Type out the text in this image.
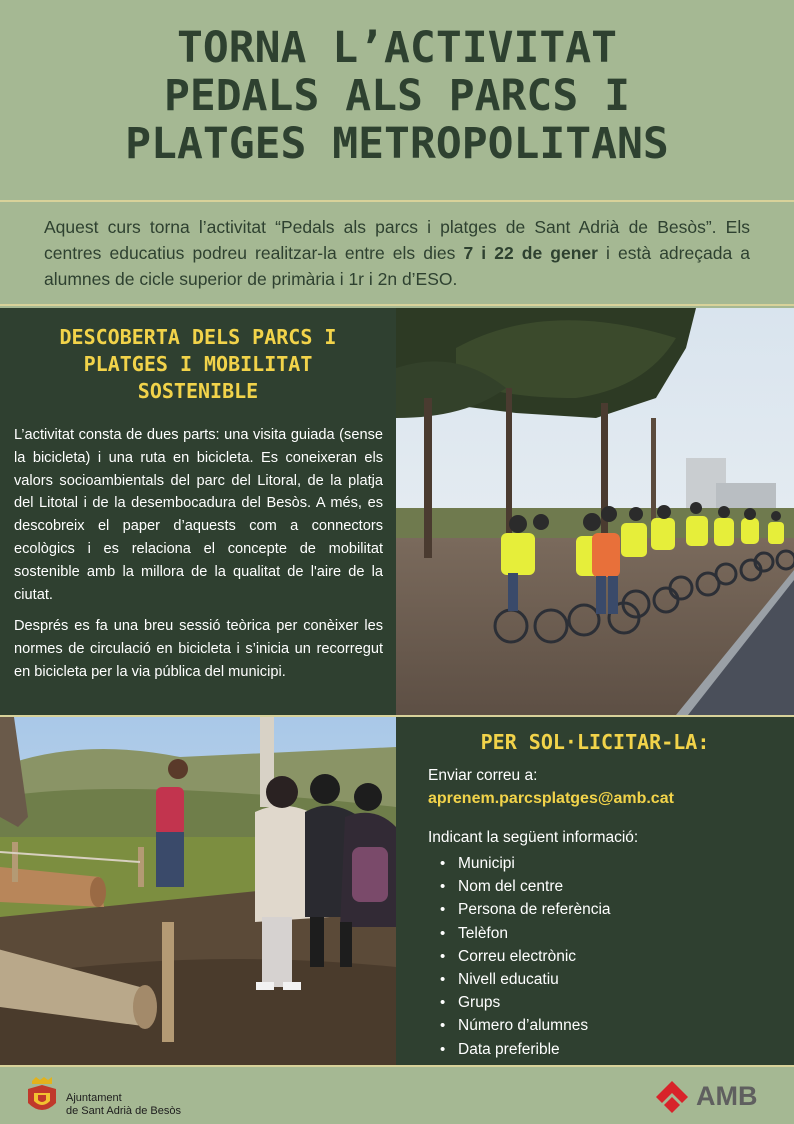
TORNA L’ACTIVITAT
PEDALS ALS PARCS I
PLATGES METROPOLITANS
Aquest curs torna l’activitat “Pedals als parcs i platges de Sant Adrià de Besòs”. Els centres educatius podreu realitzar-la entre els dies 7 i 22 de gener i està adreçada a alumnes de cicle superior de primària i 1r i 2n d’ESO.
DESCOBERTA DELS PARCS I
PLATGES I MOBILITAT
SOSTENIBLE

L’activitat consta de dues parts: una visita guiada (sense la bicicleta) i una ruta en bicicleta. Es coneixeran els valors socioambientals del parc del Litoral, de la platja del Litotal i de la desembocadura del Besòs. A més, es descobreix el paper d’aquests com a connectors ecològics i es relaciona el concepte de mobilitat sostenible amb la millora de la qualitat de l'aire de la ciutat.

Després es fa una breu sessió teòrica per conèixer les normes de circulació en bicicleta i s’inicia un recorregut en bicicleta per la via pública del municipi.

PER SOL·LICITAR-LA:
Enviar correu a:
aprenem.parcsplatges@amb.cat
Indicant la següent informació:
• Municipi
• Nom del centre
• Persona de referència
• Telèfon
• Correu electrònic
• Nivell educatiu
• Grups
• Número d’alumnes
• Data preferible
Ajuntament
de Sant Adrià de Besòs	AMB
